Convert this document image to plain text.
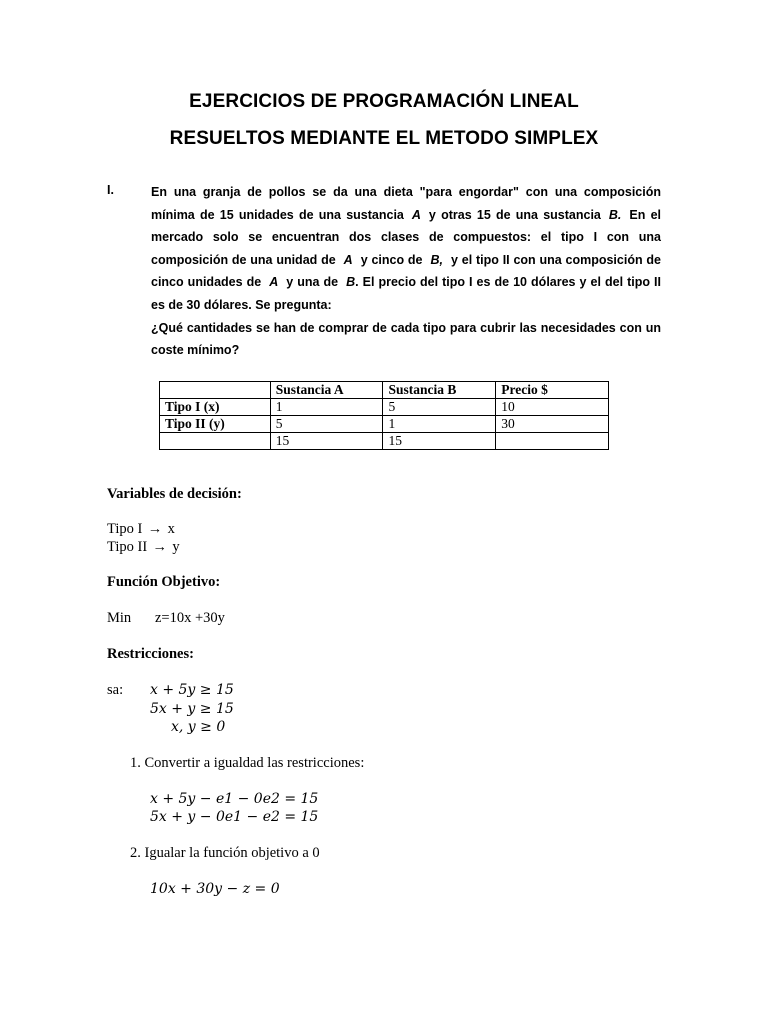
EJERCICIOS DE PROGRAMACIÓN LINEAL
RESUELTOS MEDIANTE EL METODO SIMPLEX
I.	En una granja de pollos se da una dieta "para engordar" con una composición
mínima de 15 unidades de una sustancia A y otras 15 de una sustancia B. En el
mercado solo se encuentran dos clases de compuestos: el tipo I con una
composición de una unidad de A y cinco de B, y el tipo II con una composición de
cinco unidades de A y una de B. El precio del tipo I es de 10 dólares y el del tipo II
es de 30 dólares. Se pregunta:
¿Qué cantidades se han de comprar de cada tipo para cubrir las necesidades con un
coste mínimo?
	Sustancia A	Sustancia B	Precio $
Tipo I (x)	1	5	10
Tipo II (y)	5	1	30
	15	15	
Variables de decisión:
Tipo I → x
Tipo II → y
Función Objetivo:
Min z=10x +30y
Restricciones:
sa: x + 5y ≥ 15
5x + y ≥ 15
x, y ≥ 0
1. Convertir a igualdad las restricciones:
x + 5y − e1 − 0e2 = 15
5x + y − 0e1 − e2 = 15
2. Igualar la función objetivo a 0
10x + 30y − z = 0
